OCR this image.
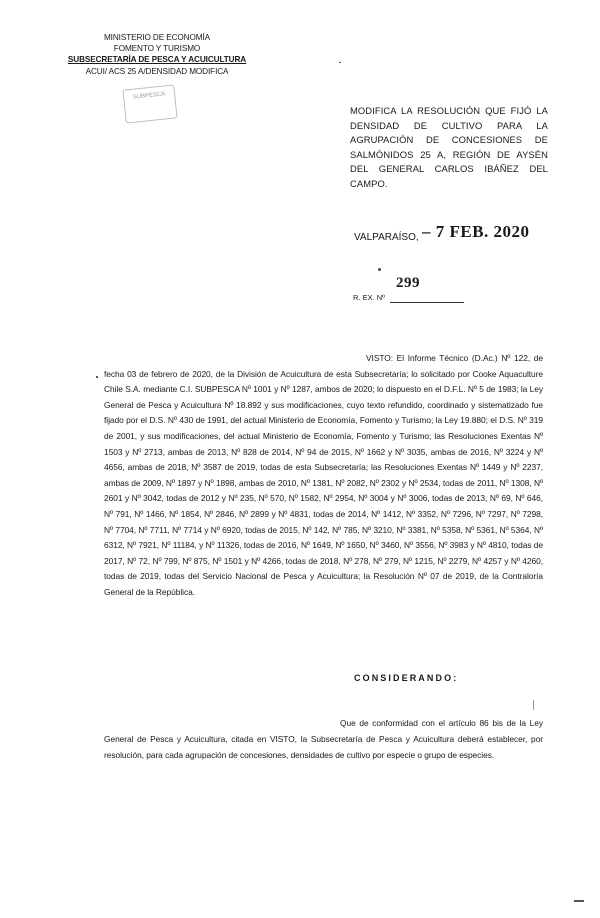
MINISTERIO DE ECONOMÍA
FOMENTO Y TURISMO
SUBSECRETARÍA DE PESCA Y ACUICULTURA
ACUI/ ACS 25 A/DENSIDAD MODIFICA
SUBPESCA
MODIFICA LA RESOLUCIÓN QUE FIJÓ LA DENSIDAD DE CULTIVO PARA LA AGRUPACIÓN DE CONCESIONES DE SALMÓNIDOS 25 A, REGIÓN DE AYSÉN DEL GENERAL CARLOS IBÁÑEZ DEL CAMPO.
VALPARAÍSO, – 7 FEB. 2020
R. EX. Nº
299
VISTO: El Informe Técnico (D.Ac.) Nº 122, de fecha 03 de febrero de 2020, de la División de Acuicultura de esta Subsecretaría; lo solicitado por Cooke Aquaculture Chile S.A. mediante C.I. SUBPESCA Nº 1001 y Nº 1287, ambos de 2020; lo dispuesto en el D.F.L. Nº 5 de 1983; la Ley General de Pesca y Acuicultura Nº 18.892 y sus modificaciones, cuyo texto refundido, coordinado y sistematizado fue fijado por el D.S. Nº 430 de 1991, del actual Ministerio de Economía, Fomento y Turismo; la Ley 19.880; el D.S. Nº 319 de 2001, y sus modificaciones, del actual Ministerio de Economía, Fomento y Turismo; las Resoluciones Exentas Nº 1503 y Nº 2713, ambas de 2013, Nº 828 de 2014, Nº 94 de 2015, Nº 1662 y Nº 3035, ambas de 2016, Nº 3224 y Nº 4656, ambas de 2018, Nº 3587 de 2019, todas de esta Subsecretaría; las Resoluciones Exentas Nº 1449 y Nº 2237, ambas de 2009, Nº 1897 y Nº 1898, ambas de 2010, Nº 1381, Nº 2082, Nº 2302 y Nº 2534, todas de 2011, Nº 1308, Nº 2601 y Nº 3042, todas de 2012 y Nº 235, Nº 570, Nº 1582, Nº 2954, Nº 3004 y Nº 3006, todas de 2013, Nº 69, Nº 646, Nº 791, Nº 1466, Nº 1854, Nº 2846, Nº 2899 y Nº 4831, todas de 2014, Nº 1412, Nº 3352, Nº 7296, Nº 7297, Nº 7298, Nº 7704, Nº 7711, Nº 7714 y Nº 6920, todas de 2015, Nº 142, Nº 785, Nº 3210, Nº 3381, Nº 5358, Nº 5361, Nº 5364, Nº 6312, Nº 7921, Nº 11184, y Nº 11326, todas de 2016, Nº 1649, Nº 1650, Nº 3460, Nº 3556, Nº 3983 y Nº 4810, todas de 2017, Nº 72, Nº 799, Nº 875, Nº 1501 y Nº 4266, todas de 2018, Nº 278, Nº 279, Nº 1215, Nº 2279, Nº 4257 y Nº 4260, todas de 2019, todas del Servicio Nacional de Pesca y Acuicultura; la Resolución Nº 07 de 2019, de la Contraloría General de la República.
CONSIDERANDO:
Que de conformidad con el artículo 86 bis de la Ley General de Pesca y Acuicultura, citada en VISTO, la Subsecretaría de Pesca y Acuicultura deberá establecer, por resolución, para cada agrupación de concesiones, densidades de cultivo por especie o grupo de especies.
